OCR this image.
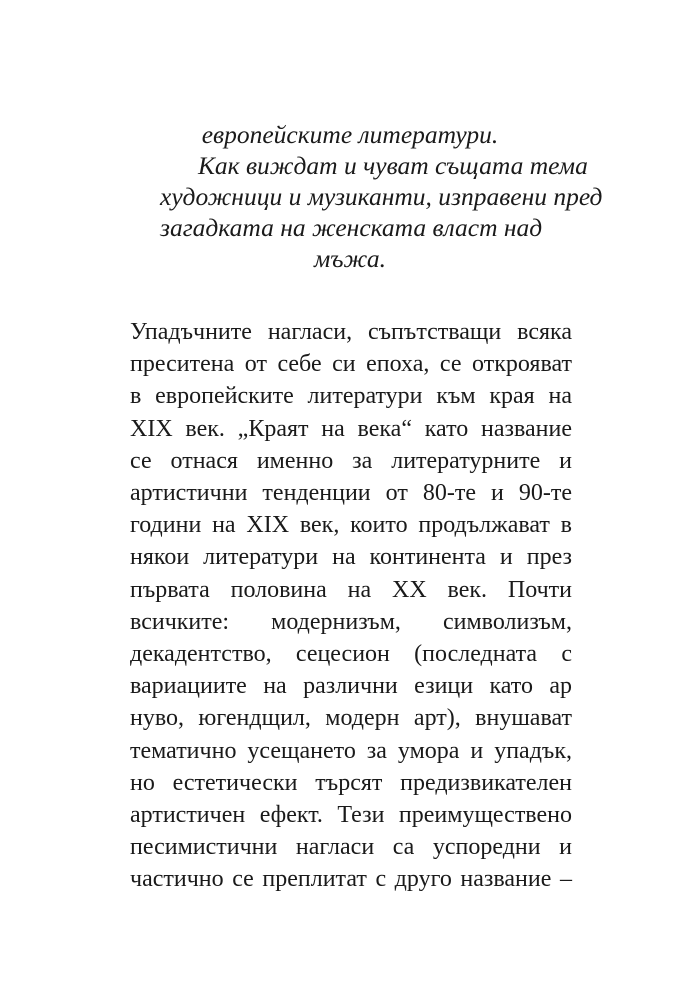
европейските литератури.
Как виждат и чуват същата тема
художници и музиканти, изправени пред
загадката на женската власт над
мъжа.
Упадъчните нагласи, съпътстващи всяка
преситена от себе си епоха, се открояват
в европейските литератури към края на
XIX век. „Краят на века“ като название
се отнася именно за литературните и
артистични тенденции от 80-те и 90-те
години на XIX век, които продължават в
някои литератури на континента и през
първата половина на XX век. Почти
всичките: модернизъм, символизъм,
декадентство, сецесион (последната с
вариациите на различни езици като ар
нуво, югендщил, модерн арт), внушават
тематично усещането за умора и упадък,
но естетически търсят предизвикателен
артистичен ефект. Тези преимуществено
песимистични нагласи са успоредни и
частично се преплитат с друго название –
